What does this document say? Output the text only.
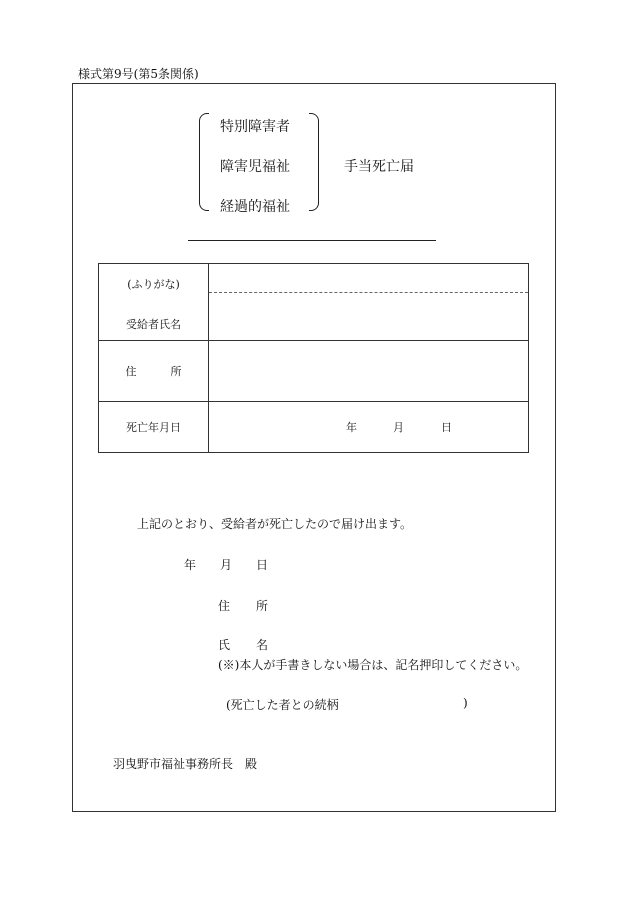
様式第9号(第5条関係)
特別障害者
障害児福祉
経過的福祉
手当死亡届
(ふりがな)
受給者氏名	

住 所	
死亡年月日	年 月 日
上記のとおり、受給者が死亡したので届け出ます。
年 月 日
住 所
氏 名
(※)本人が手書きしない場合は、記名押印してください。
(死亡した者との続柄	)
羽曳野市福祉事務所長　殿
